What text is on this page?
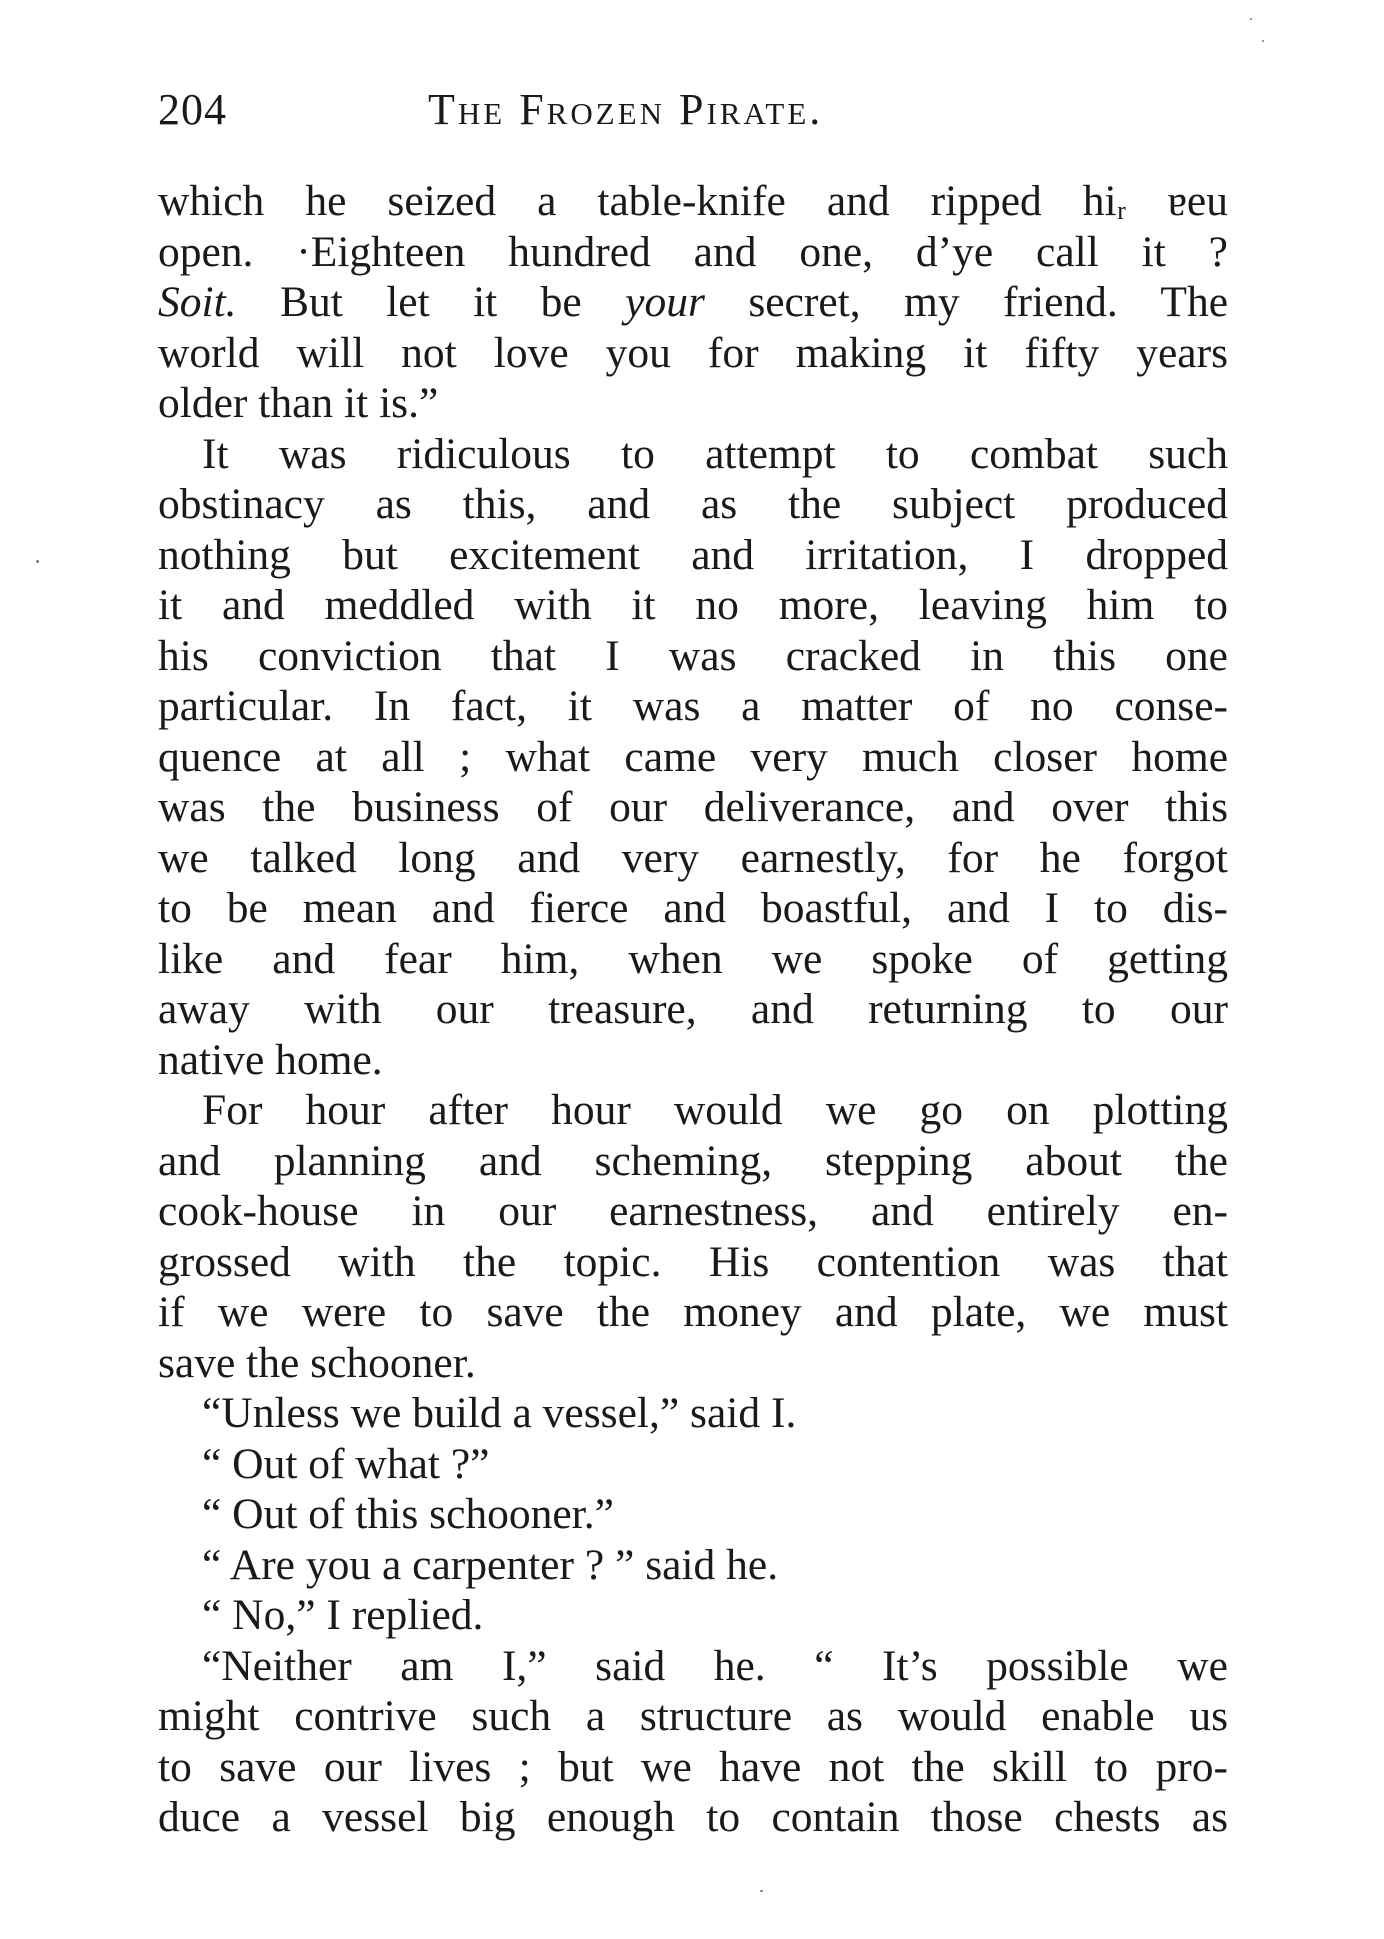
204	The Frozen Pirate.
which he seized a table-knife and ripped hiᵣ ɐeu
open. ·Eighteen hundred and one, d’ye call it ?
Soit. But let it be your secret, my friend. The
world will not love you for making it fifty years
older than it is.”
It was ridiculous to attempt to combat such
obstinacy as this, and as the subject produced
nothing but excitement and irritation, I dropped
it and meddled with it no more, leaving him to
his conviction that I was cracked in this one
particular. In fact, it was a matter of no conse-
quence at all ; what came very much closer home
was the business of our deliverance, and over this
we talked long and very earnestly, for he forgot
to be mean and fierce and boastful, and I to dis-
like and fear him, when we spoke of getting
away with our treasure, and returning to our
native home.
For hour after hour would we go on plotting
and planning and scheming, stepping about the
cook-house in our earnestness, and entirely en-
grossed with the topic. His contention was that
if we were to save the money and plate, we must
save the schooner.
“Unless we build a vessel,” said I.
“ Out of what ?”
“ Out of this schooner.”
“ Are you a carpenter ? ” said he.
“ No,” I replied.
“Neither am I,” said he. “ It’s possible we
might contrive such a structure as would enable us
to save our lives ; but we have not the skill to pro-
duce a vessel big enough to contain those chests as
